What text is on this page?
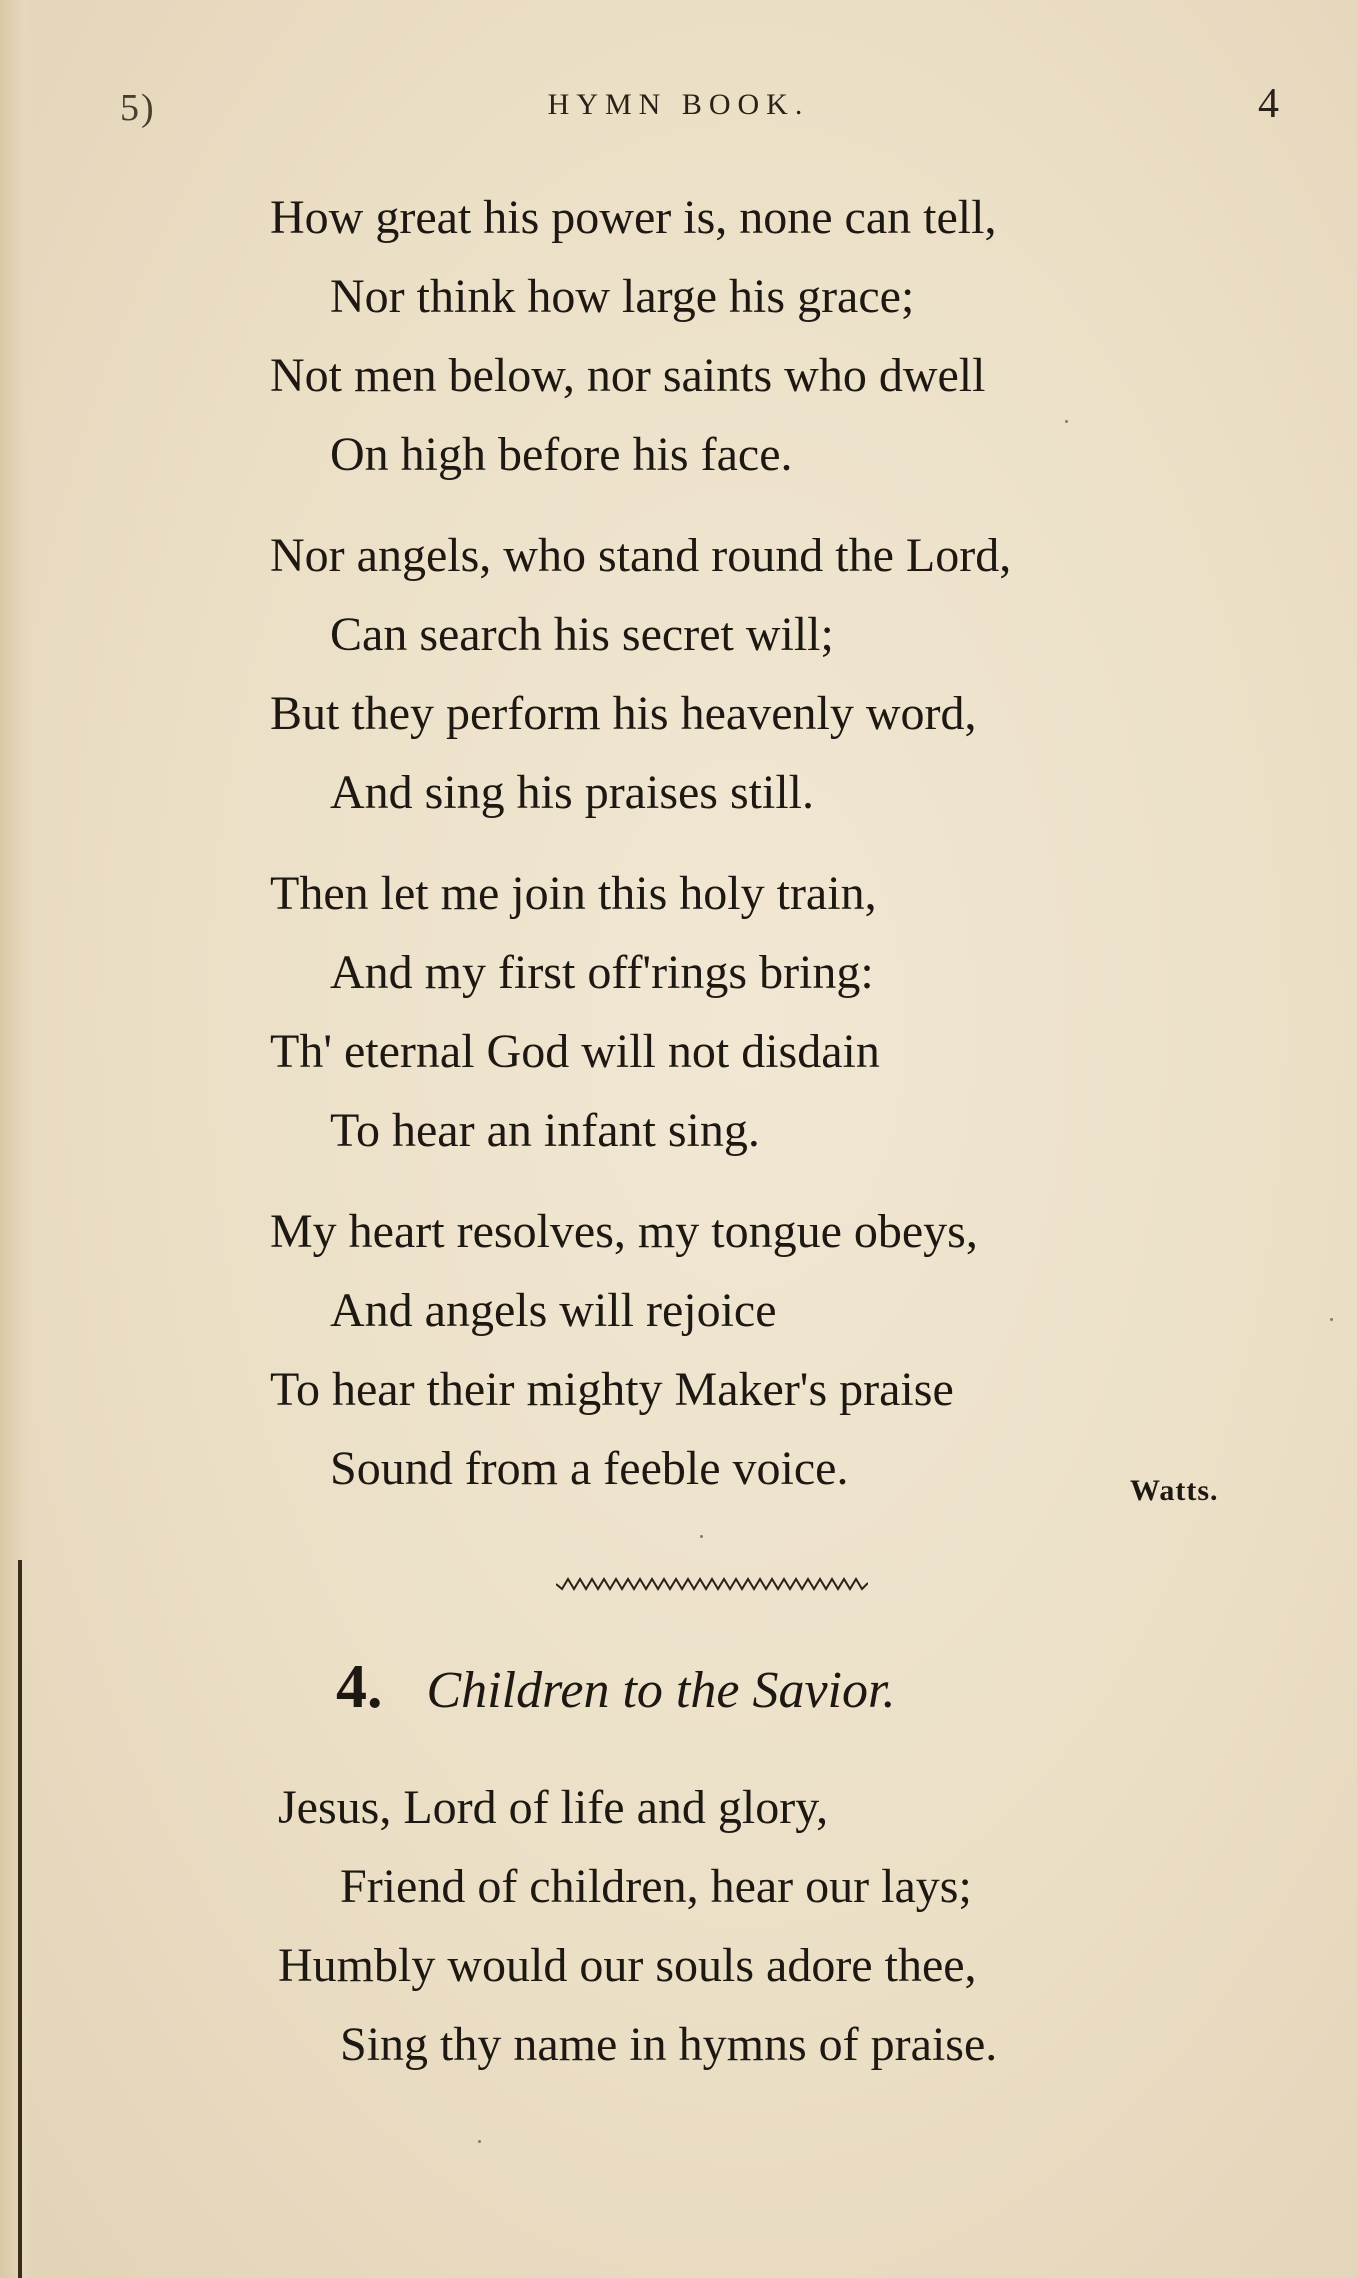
5)	HYMN BOOK.	4
How great his power is, none can tell,
Nor think how large his grace;
Not men below, nor saints who dwell
On high before his face.
Nor angels, who stand round the Lord,
Can search his secret will;
But they perform his heavenly word,
And sing his praises still.
Then let me join this holy train,
And my first off'rings bring:
Th' eternal God will not disdain
To hear an infant sing.
My heart resolves, my tongue obeys,
And angels will rejoice
To hear their mighty Maker's praise
Sound from a feeble voice.	Watts.
4. Children to the Savior.
Jesus, Lord of life and glory,
Friend of children, hear our lays;
Humbly would our souls adore thee,
Sing thy name in hymns of praise.
